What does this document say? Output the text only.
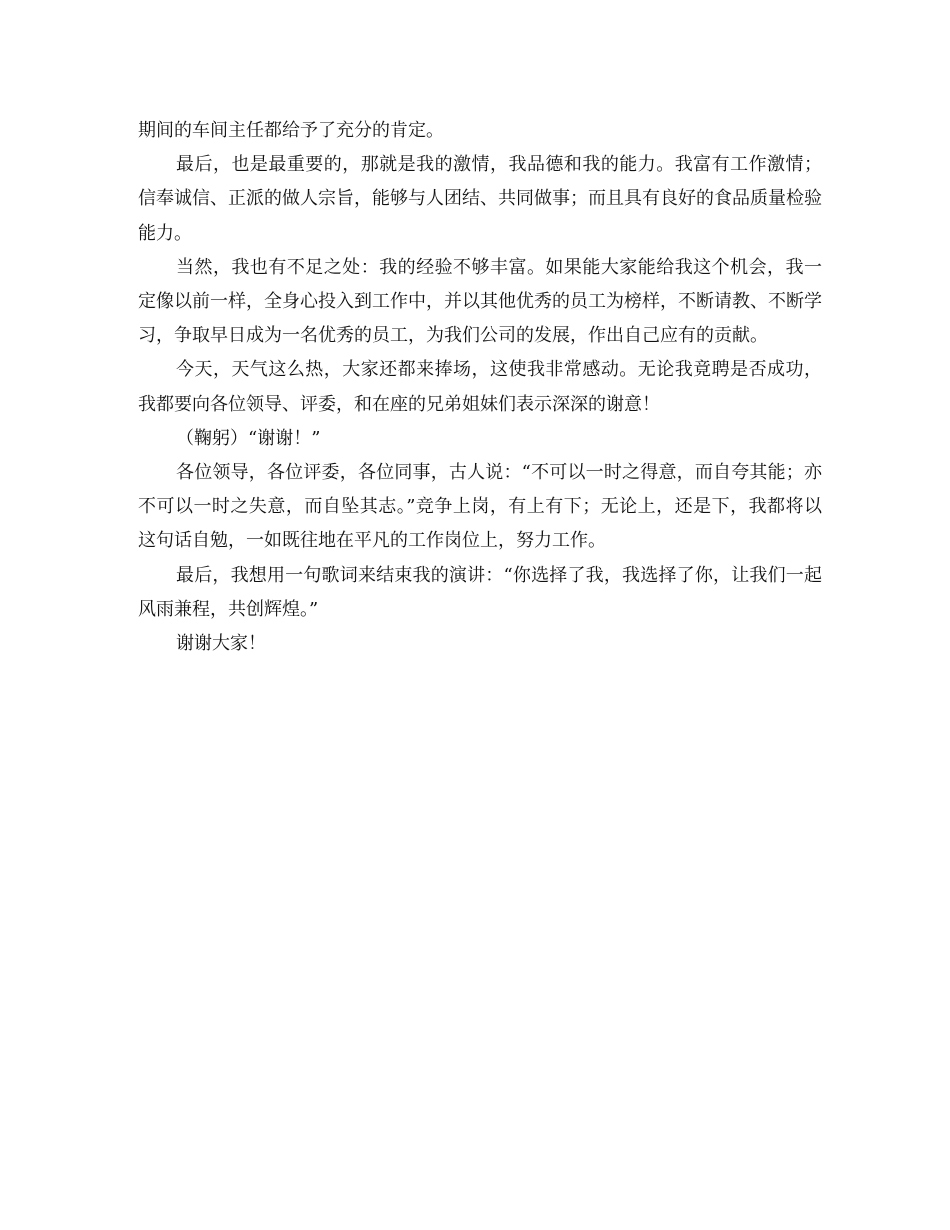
期间的车间主任都给予了充分的肯定。

最后，也是最重要的，那就是我的激情，我品德和我的能力。我富有工作激情；信奉诚信、正派的做人宗旨，能够与人团结、共同做事；而且具有良好的食品质量检验能力。

当然，我也有不足之处：我的经验不够丰富。如果能大家能给我这个机会，我一定像以前一样，全身心投入到工作中，并以其他优秀的员工为榜样，不断请教、不断学习，争取早日成为一名优秀的员工，为我们公司的发展，作出自己应有的贡献。

今天，天气这么热，大家还都来捧场，这使我非常感动。无论我竟聘是否成功，我都要向各位领导、评委，和在座的兄弟姐妹们表示深深的谢意！

（鞠躬）“谢谢！”

各位领导，各位评委，各位同事，古人说：“不可以一时之得意，而自夸其能；亦不可以一时之失意，而自坠其志。”竞争上岗，有上有下；无论上，还是下，我都将以这句话自勉，一如既往地在平凡的工作岗位上，努力工作。

最后，我想用一句歌词来结束我的演讲：“你选择了我，我选择了你，让我们一起风雨兼程，共创辉煌。”

谢谢大家！
